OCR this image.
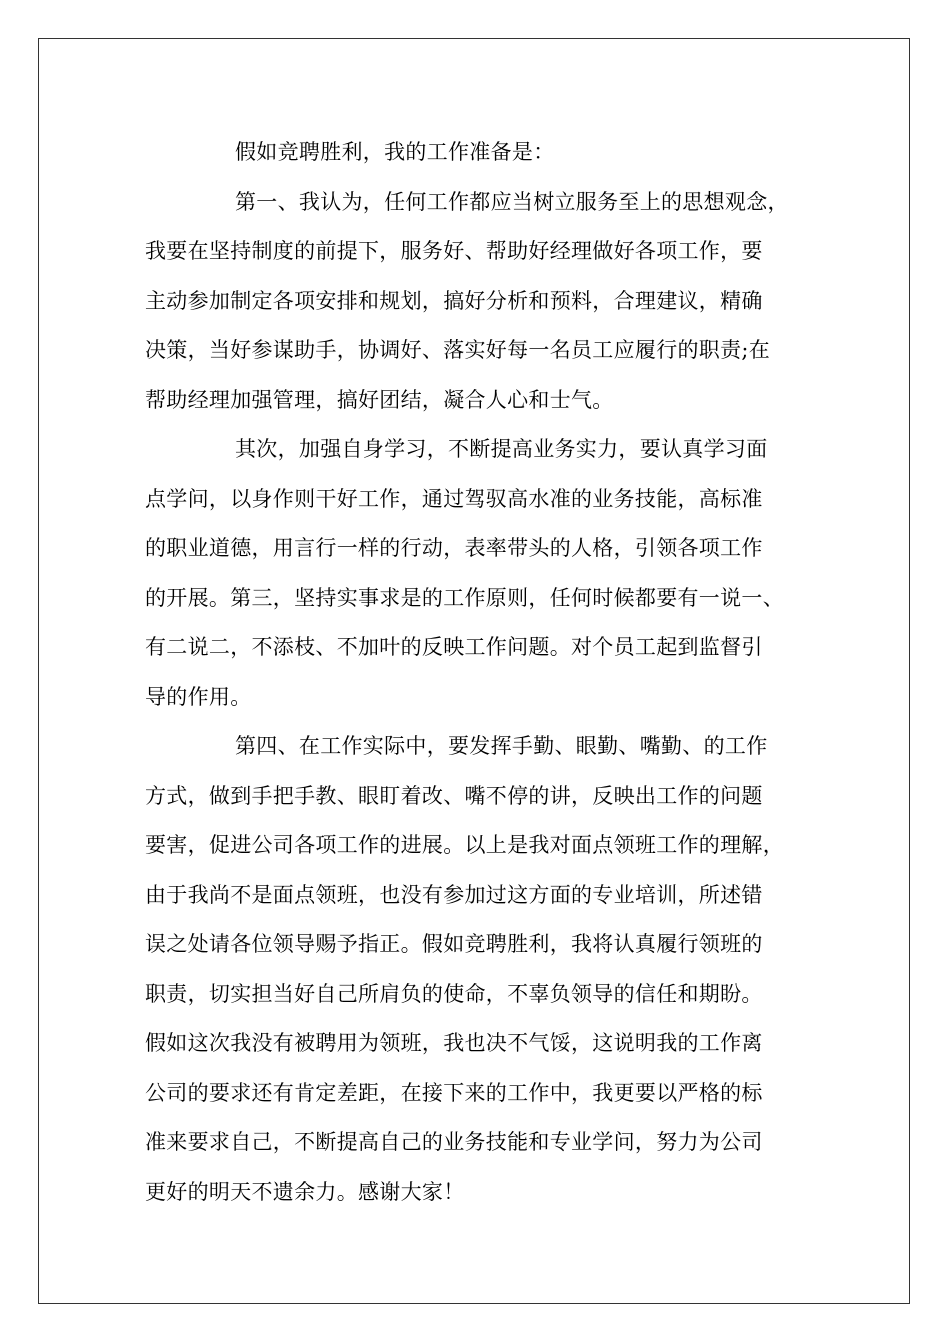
假如竞聘胜利，我的工作准备是：
第一、我认为，任何工作都应当树立服务至上的思想观念，
我要在坚持制度的前提下，服务好、帮助好经理做好各项工作，要
主动参加制定各项安排和规划，搞好分析和预料，合理建议，精确
决策，当好参谋助手，协调好、落实好每一名员工应履行的职责;在
帮助经理加强管理，搞好团结，凝合人心和士气。
其次，加强自身学习，不断提高业务实力，要认真学习面
点学问，以身作则干好工作，通过驾驭高水准的业务技能，高标准
的职业道德，用言行一样的行动，表率带头的人格，引领各项工作
的开展。第三，坚持实事求是的工作原则，任何时候都要有一说一、
有二说二，不添枝、不加叶的反映工作问题。对个员工起到监督引
导的作用。
第四、在工作实际中，要发挥手勤、眼勤、嘴勤、的工作
方式，做到手把手教、眼盯着改、嘴不停的讲，反映出工作的问题
要害，促进公司各项工作的进展。以上是我对面点领班工作的理解，
由于我尚不是面点领班，也没有参加过这方面的专业培训，所述错
误之处请各位领导赐予指正。假如竞聘胜利，我将认真履行领班的
职责，切实担当好自己所肩负的使命，不辜负领导的信任和期盼。
假如这次我没有被聘用为领班，我也决不气馁，这说明我的工作离
公司的要求还有肯定差距，在接下来的工作中，我更要以严格的标
准来要求自己，不断提高自己的业务技能和专业学问，努力为公司
更好的明天不遗余力。感谢大家！
